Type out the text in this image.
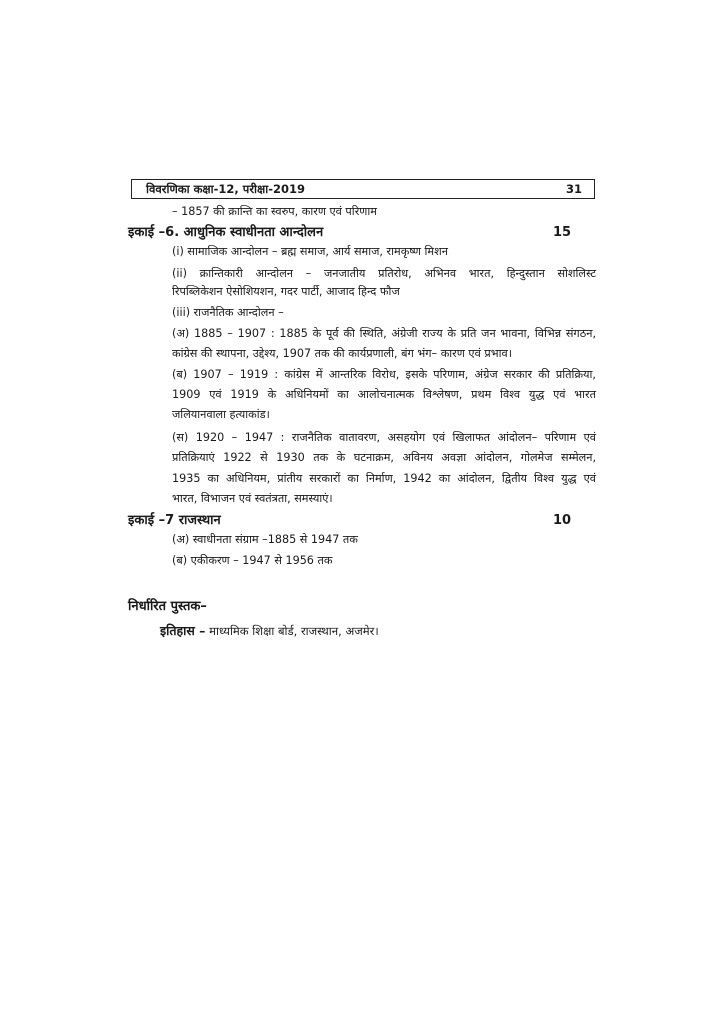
विवरणिका कक्षा-12, परीक्षा-2019	31
– 1857 की क्रान्ति का स्वरुप, कारण एवं परिणाम
इकाई –6. आधुनिक स्वाधीनता आन्दोलन	15
(i) सामाजिक आन्दोलन – ब्रह्म समाज, आर्य समाज, रामकृष्ण मिशन
(ii) क्रान्तिकारी आन्दोलन – जनजातीय प्रतिरोध, अभिनव भारत, हिन्दुस्तान सोशलिस्ट
रिपब्लिकेशन ऐसोशियशन, गदर पार्टी, आजाद हिन्द फौज
(iii) राजनैतिक आन्दोलन –
(अ) 1885 – 1907 : 1885 के पूर्व की स्थिति, अंग्रेजी राज्य के प्रति जन भावना, विभिन्न संगठन,
कांग्रेस की स्थापना, उद्देश्य, 1907 तक की कार्यप्रणाली, बंग भंग– कारण एवं प्रभाव।
(ब) 1907 – 1919 : कांग्रेस में आन्तरिक विरोध, इसके परिणाम, अंग्रेज सरकार की प्रतिक्रिया,
1909 एवं 1919 के अधिनियमों का आलोचनात्मक विश्लेषण, प्रथम विश्व युद्ध एवं भारत
जलियानवाला हत्याकांड।
(स) 1920 – 1947 : राजनैतिक वातावरण, असहयोग एवं खिलाफत आंदोलन– परिणाम एवं
प्रतिक्रियाएं 1922 से 1930 तक के घटनाक्रम, अविनय अवज्ञा आंदोलन, गोलमेज सम्मेलन,
1935 का अधिनियम, प्रांतीय सरकारों का निर्माण, 1942 का आंदोलन, द्वितीय विश्व युद्ध एवं
भारत, विभाजन एवं स्वतंत्रता, समस्याएं।
इकाई –7 राजस्थान	10
(अ) स्वाधीनता संग्राम –1885 से 1947 तक
(ब) एकीकरण – 1947 से 1956 तक
निर्धारित पुस्तक–
इतिहास – माध्यमिक शिक्षा बोर्ड, राजस्थान, अजमेर।
